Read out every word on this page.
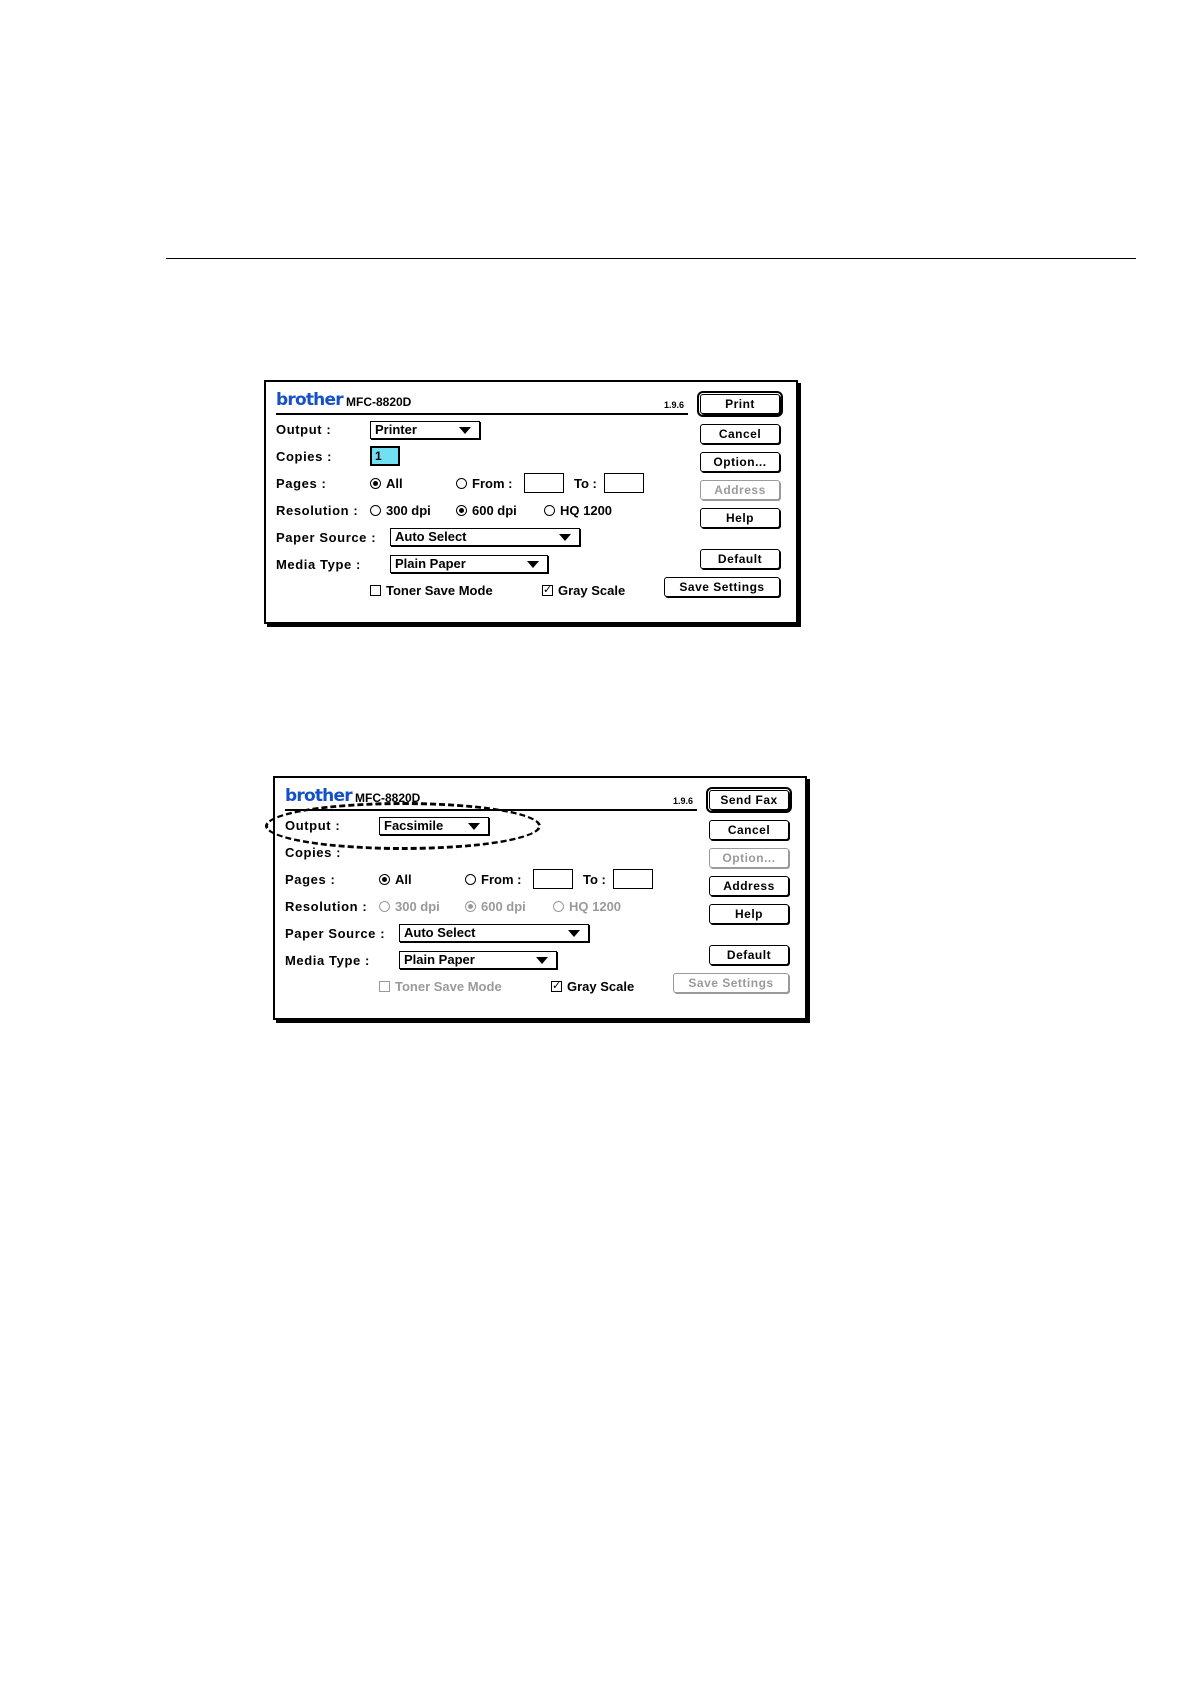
brother MFC-8820D	1.9.6
Output :	Printer
Copies :	1
Pages :	All	From :	To :
Resolution : 300 dpi	600 dpi	HQ 1200
Paper Source :	Auto Select
Media Type :	Plain Paper
Toner Save Mode	✓ Gray Scale
Print
Cancel
Option...
Address
Help
Default
Save Settings
brother MFC-8820D	1.9.6
Output :	Facsimile
Copies :
Pages :	All	From :	To :
Resolution : 300 dpi	600 dpi	HQ 1200
Paper Source :	Auto Select
Media Type :	Plain Paper
Toner Save Mode	✓ Gray Scale
Send Fax
Cancel
Option...
Address
Help
Default
Save Settings
